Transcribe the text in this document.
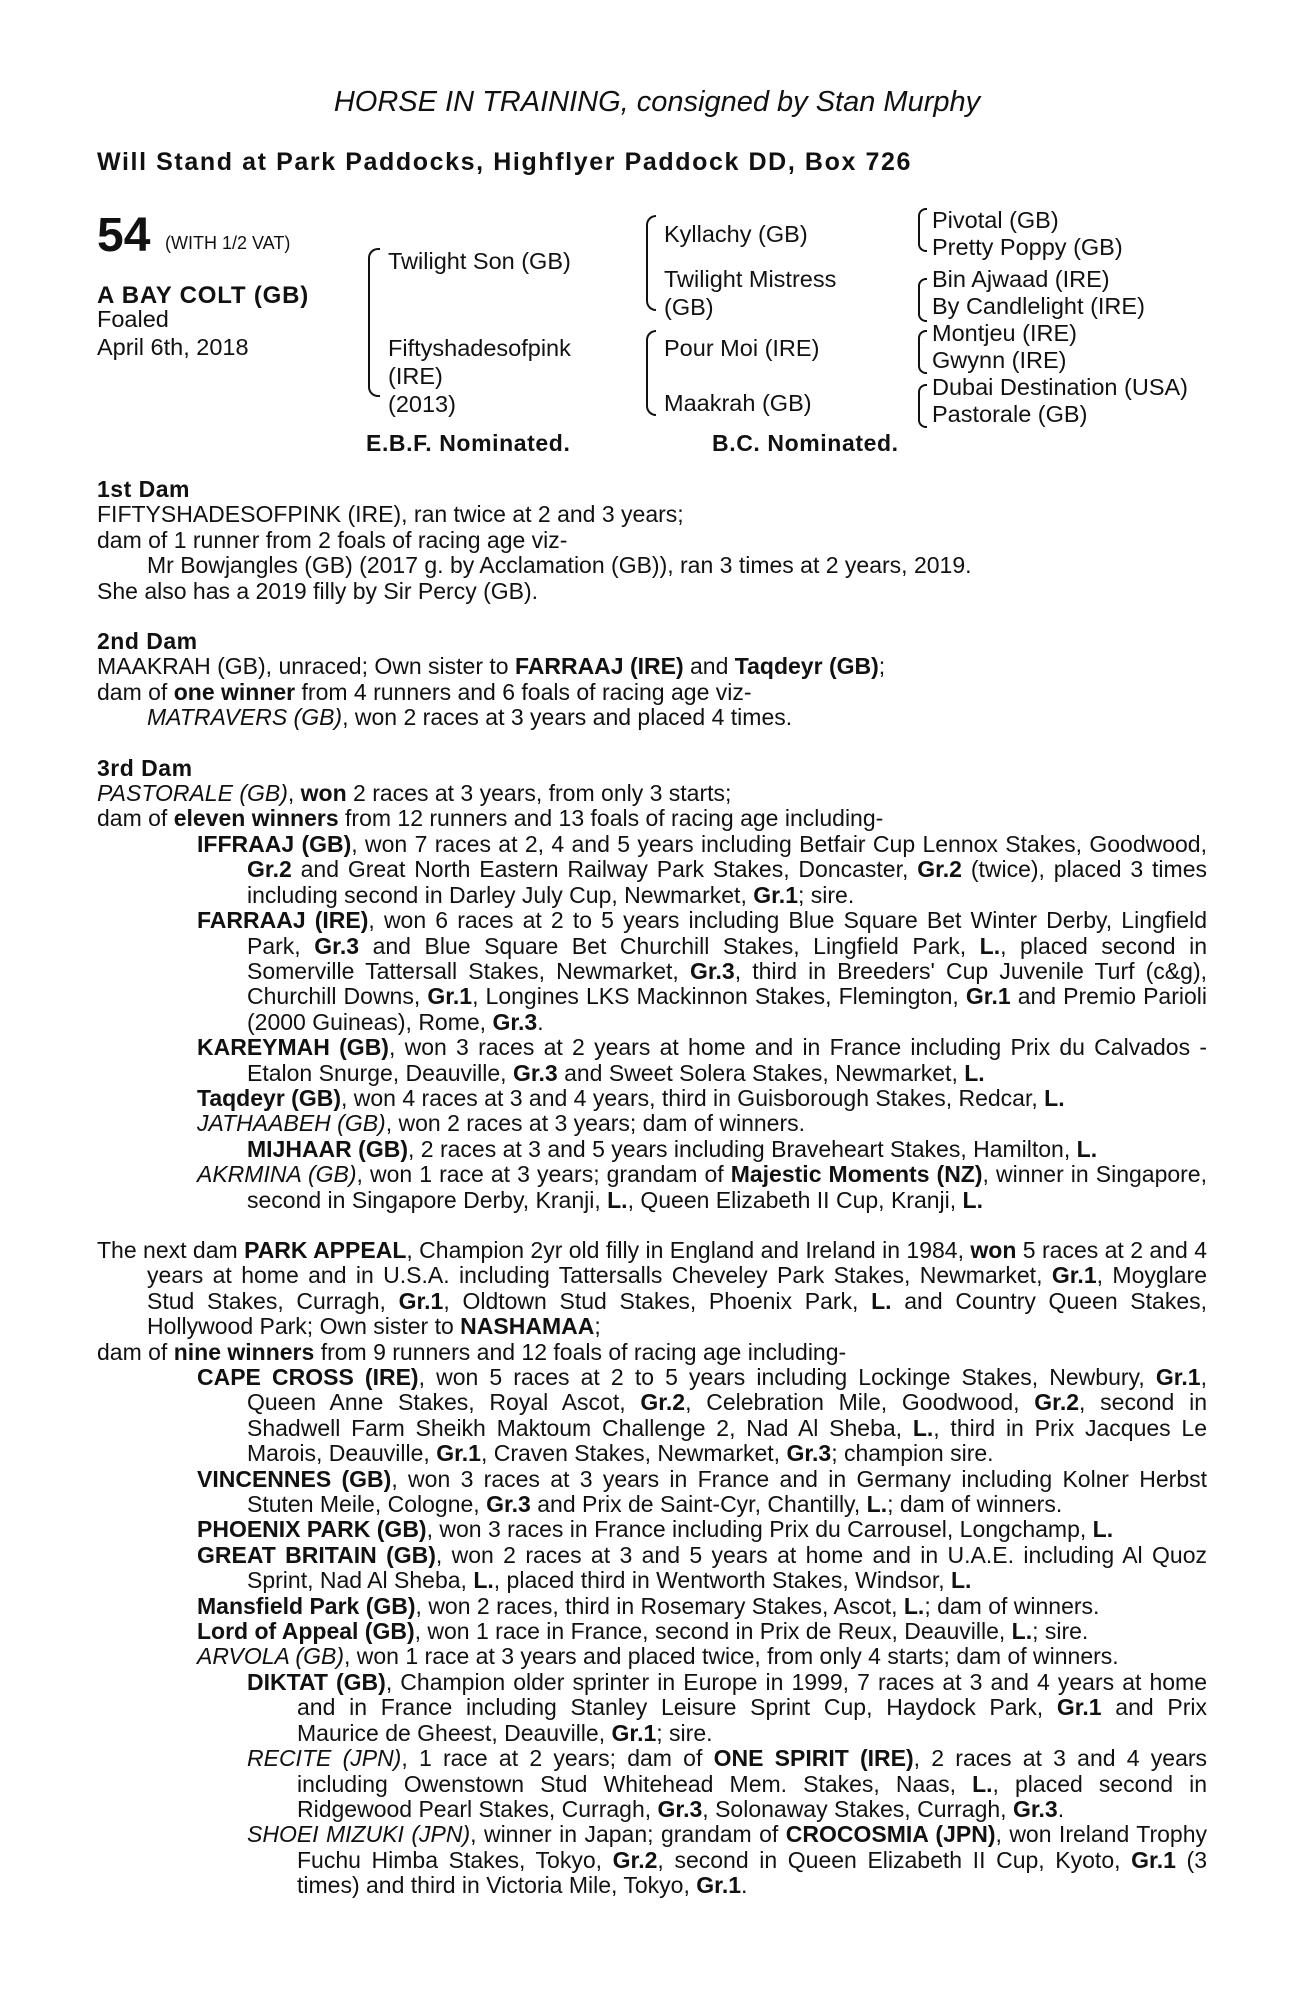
HORSE IN TRAINING, consigned by Stan Murphy
Will Stand at Park Paddocks, Highflyer Paddock DD, Box 726
54 (WITH 1/2 VAT)
A BAY COLT (GB)
Foaled
April 6th, 2018
Twilight Son (GB)
Fiftyshadesofpink
(IRE)
(2013)
Kyllachy (GB)
Twilight Mistress
(GB)
Pour Moi (IRE)
Maakrah (GB)
Pivotal (GB)
Pretty Poppy (GB)
Bin Ajwaad (IRE)
By Candlelight (IRE)
Montjeu (IRE)
Gwynn (IRE)
Dubai Destination (USA)
Pastorale (GB)
E.B.F. Nominated.	B.C. Nominated.

1st Dam

FIFTYSHADESOFPINK (IRE), ran twice at 2 and 3 years;

dam of 1 runner from 2 foals of racing age viz-

Mr Bowjangles (GB) (2017 g. by Acclamation (GB)), ran 3 times at 2 years, 2019.

She also has a 2019 filly by Sir Percy (GB).

2nd Dam

MAAKRAH (GB), unraced; Own sister to FARRAAJ (IRE) and Taqdeyr (GB);

dam of one winner from 4 runners and 6 foals of racing age viz-

MATRAVERS (GB), won 2 races at 3 years and placed 4 times.

3rd Dam

PASTORALE (GB), won 2 races at 3 years, from only 3 starts;

dam of eleven winners from 12 runners and 13 foals of racing age including-

IFFRAAJ (GB), won 7 races at 2, 4 and 5 years including Betfair Cup Lennox Stakes, Goodwood, Gr.2 and Great North Eastern Railway Park Stakes, Doncaster, Gr.2 (twice), placed 3 times including second in Darley July Cup, Newmarket, Gr.1; sire.

FARRAAJ (IRE), won 6 races at 2 to 5 years including Blue Square Bet Winter Derby, Lingfield Park, Gr.3 and Blue Square Bet Churchill Stakes, Lingfield Park, L., placed second in Somerville Tattersall Stakes, Newmarket, Gr.3, third in Breeders' Cup Juvenile Turf (c&g), Churchill Downs, Gr.1, Longines LKS Mackinnon Stakes, Flemington, Gr.1 and Premio Parioli (2000 Guineas), Rome, Gr.3.

KAREYMAH (GB), won 3 races at 2 years at home and in France including Prix du Calvados - Etalon Snurge, Deauville, Gr.3 and Sweet Solera Stakes, Newmarket, L.

Taqdeyr (GB), won 4 races at 3 and 4 years, third in Guisborough Stakes, Redcar, L.

JATHAABEH (GB), won 2 races at 3 years; dam of winners.

MIJHAAR (GB), 2 races at 3 and 5 years including Braveheart Stakes, Hamilton, L.

AKRMINA (GB), won 1 race at 3 years; grandam of Majestic Moments (NZ), winner in Singapore, second in Singapore Derby, Kranji, L., Queen Elizabeth II Cup, Kranji, L.

The next dam PARK APPEAL, Champion 2yr old filly in England and Ireland in 1984, won 5 races at 2 and 4 years at home and in U.S.A. including Tattersalls Cheveley Park Stakes, Newmarket, Gr.1, Moyglare Stud Stakes, Curragh, Gr.1, Oldtown Stud Stakes, Phoenix Park, L. and Country Queen Stakes, Hollywood Park; Own sister to NASHAMAA;

dam of nine winners from 9 runners and 12 foals of racing age including-

CAPE CROSS (IRE), won 5 races at 2 to 5 years including Lockinge Stakes, Newbury, Gr.1, Queen Anne Stakes, Royal Ascot, Gr.2, Celebration Mile, Goodwood, Gr.2, second in Shadwell Farm Sheikh Maktoum Challenge 2, Nad Al Sheba, L., third in Prix Jacques Le Marois, Deauville, Gr.1, Craven Stakes, Newmarket, Gr.3; champion sire.

VINCENNES (GB), won 3 races at 3 years in France and in Germany including Kolner Herbst Stuten Meile, Cologne, Gr.3 and Prix de Saint-Cyr, Chantilly, L.; dam of winners.

PHOENIX PARK (GB), won 3 races in France including Prix du Carrousel, Longchamp, L.

GREAT BRITAIN (GB), won 2 races at 3 and 5 years at home and in U.A.E. including Al Quoz Sprint, Nad Al Sheba, L., placed third in Wentworth Stakes, Windsor, L.

Mansfield Park (GB), won 2 races, third in Rosemary Stakes, Ascot, L.; dam of winners.

Lord of Appeal (GB), won 1 race in France, second in Prix de Reux, Deauville, L.; sire.

ARVOLA (GB), won 1 race at 3 years and placed twice, from only 4 starts; dam of winners.

DIKTAT (GB), Champion older sprinter in Europe in 1999, 7 races at 3 and 4 years at home and in France including Stanley Leisure Sprint Cup, Haydock Park, Gr.1 and Prix Maurice de Gheest, Deauville, Gr.1; sire.

RECITE (JPN), 1 race at 2 years; dam of ONE SPIRIT (IRE), 2 races at 3 and 4 years including Owenstown Stud Whitehead Mem. Stakes, Naas, L., placed second in Ridgewood Pearl Stakes, Curragh, Gr.3, Solonaway Stakes, Curragh, Gr.3.

SHOEI MIZUKI (JPN), winner in Japan; grandam of CROCOSMIA (JPN), won Ireland Trophy Fuchu Himba Stakes, Tokyo, Gr.2, second in Queen Elizabeth II Cup, Kyoto, Gr.1 (3 times) and third in Victoria Mile, Tokyo, Gr.1.
